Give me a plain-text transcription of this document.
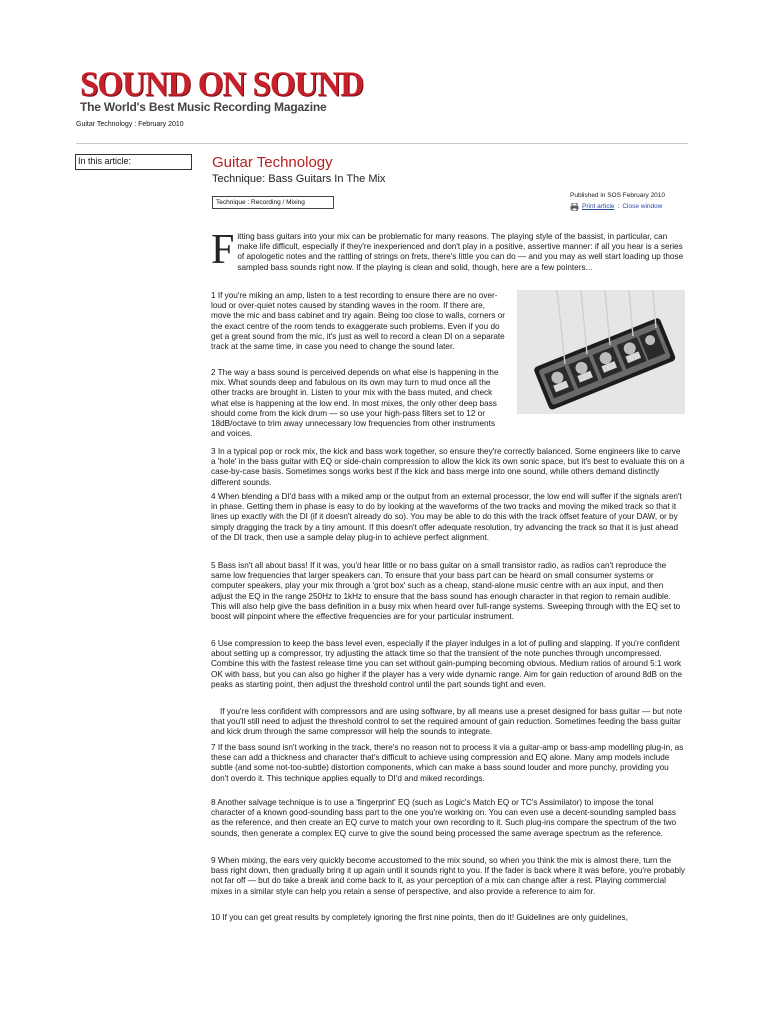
SOUND ON SOUND
The World's Best Music Recording Magazine
Guitar Technology : February 2010
In this article:	Guitar Technology
Technique: Bass Guitars In The Mix
Technique : Recording / Mixing
Published in SOS February 2010
Print article : Close window
F itting bass guitars into your mix can be problematic for many reasons. The playing style of the bassist, in particular, can make life difficult, especially if they're inexperienced and don't play in a positive, assertive manner: if all you hear is a series of apologetic notes and the rattling of strings on frets, there's little you can do — and you may as well start loading up those sampled bass sounds right now. If the playing is clean and solid, though, here are a few pointers...
1 If you're miking an amp, listen to a test recording to ensure there are no over-loud or over-quiet notes caused by standing waves in the room. If there are, move the mic and bass cabinet and try again. Being too close to walls, corners or the exact centre of the room tends to exaggerate such problems. Even if you do get a great sound from the mic, it's just as well to record a clean DI on a separate track at the same time, in case you need to change the sound later.
2 The way a bass sound is perceived depends on what else is happening in the mix. What sounds deep and fabulous on its own may turn to mud once all the other tracks are brought in. Listen to your mix with the bass muted, and check what else is happening at the low end. In most mixes, the only other deep bass should come from the kick drum — so use your high-pass filters set to 12 or 18dB/octave to trim away unnecessary low frequencies from other instruments and voices.
3 In a typical pop or rock mix, the kick and bass work together, so ensure they're correctly balanced. Some engineers like to carve a 'hole' in the bass guitar with EQ or side-chain compression to allow the kick its own sonic space, but it's best to evaluate this on a case-by-case basis. Sometimes songs works best if the kick and bass merge into one sound, while others demand distinctly different sounds.
4 When blending a DI'd bass with a miked amp or the output from an external processor, the low end will suffer if the signals aren't in phase. Getting them in phase is easy to do by looking at the waveforms of the two tracks and moving the miked track so that it lines up exactly with the DI (if it doesn't already do so). You may be able to do this with the track offset feature of your DAW, or by simply dragging the track by a tiny amount. If this doesn't offer adequate resolution, try advancing the track so that it is just ahead of the DI track, then use a sample delay plug-in to achieve perfect alignment.
5 Bass isn't all about bass! If it was, you'd hear little or no bass guitar on a small transistor radio, as radios can't reproduce the same low frequencies that larger speakers can. To ensure that your bass part can be heard on small consumer systems or computer speakers, play your mix through a 'grot box' such as a cheap, stand-alone music centre with an aux input, and then adjust the EQ in the range 250Hz to 1kHz to ensure that the bass sound has enough character in that region to remain audible. This will also help give the bass definition in a busy mix when heard over full-range systems. Sweeping through with the EQ set to boost will pinpoint where the effective frequencies are for your particular instrument.
6 Use compression to keep the bass level even, especially if the player indulges in a lot of pulling and slapping. If you're confident about setting up a compressor, try adjusting the attack time so that the transient of the note punches through uncompressed. Combine this with the fastest release time you can set without gain-pumping becoming obvious. Medium ratios of around 5:1 work OK with bass, but you can also go higher if the player has a very wide dynamic range. Aim for gain reduction of around 8dB on the peaks as starting point, then adjust the threshold control until the part sounds tight and even.
If you're less confident with compressors and are using software, by all means use a preset designed for bass guitar — but note that you'll still need to adjust the threshold control to set the required amount of gain reduction. Sometimes feeding the bass guitar and kick drum through the same compressor will help the sounds to integrate.
7 If the bass sound isn't working in the track, there's no reason not to process it via a guitar-amp or bass-amp modelling plug-in, as these can add a thickness and character that's difficult to achieve using compression and EQ alone. Many amp models include subtle (and some not-too-subtle) distortion components, which can make a bass sound louder and more punchy, providing you don't overdo it. This technique applies equally to DI'd and miked recordings.
8 Another salvage technique is to use a 'fingerprint' EQ (such as Logic's Match EQ or TC's Assimilator) to impose the tonal character of a known good-sounding bass part to the one you're working on. You can even use a decent-sounding sampled bass as the reference, and then create an EQ curve to match your own recording to it. Such plug-ins compare the spectrum of the two sounds, then generate a complex EQ curve to give the sound being processed the same average spectrum as the reference.
9 When mixing, the ears very quickly become accustomed to the mix sound, so when you think the mix is almost there, turn the bass right down, then gradually bring it up again until it sounds right to you. If the fader is back where it was before, you're probably not far off — but do take a break and come back to it, as your perception of a mix can change after a rest. Playing commercial mixes in a similar style can help you retain a sense of perspective, and also provide a reference to aim for.
10 If you can get great results by completely ignoring the first nine points, then do it! Guidelines are only guidelines,
